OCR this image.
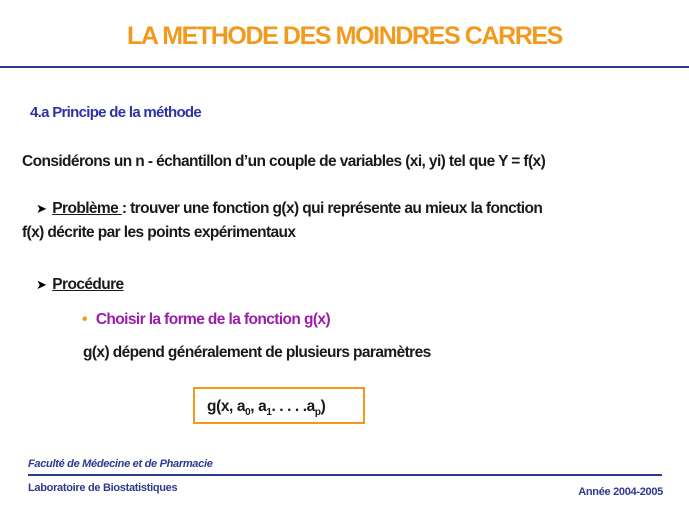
LA METHODE DES MOINDRES CARRES
4.a Principe de la méthode
Considérons un n - échantillon d’un couple de variables (xi, yi) tel que Y = f(x)
➤ Problème : trouver une fonction g(x) qui représente au mieux la fonction
f(x) décrite par les points expérimentaux
➤ Procédure
• Choisir la forme de la fonction g(x)
g(x) dépend généralement de plusieurs paramètres
g(x, $a_0$, $a_1$. . . . $.a_p$)
Faculté de Médecine et de Pharmacie
Laboratoire de Biostatistiques	Année 2004-2005
